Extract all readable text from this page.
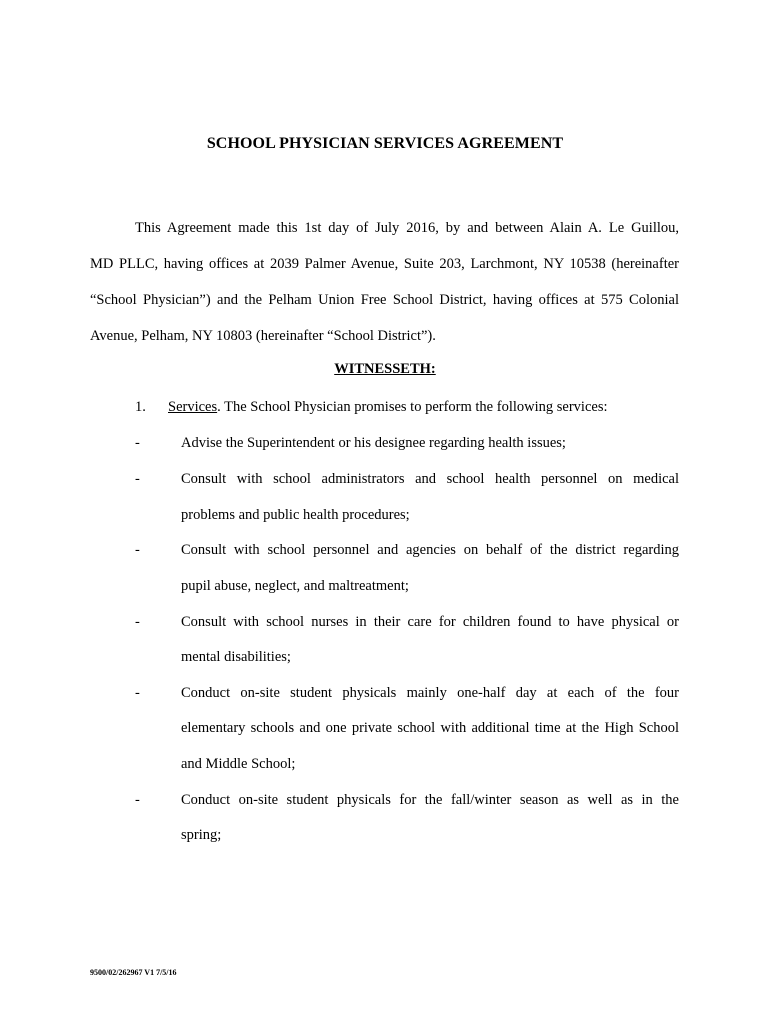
SCHOOL PHYSICIAN SERVICES AGREEMENT
This Agreement made this 1st day of July 2016, by and between Alain A. Le Guillou,
MD PLLC, having offices at 2039 Palmer Avenue, Suite 203, Larchmont, NY 10538 (hereinafter
“School Physician”) and the Pelham Union Free School District, having offices at 575 Colonial
Avenue, Pelham, NY 10803 (hereinafter “School District”).
WITNESSETH:
1. Services. The School Physician promises to perform the following services:
-	Advise the Superintendent or his designee regarding health issues;
-	Consult with school administrators and school health personnel on medical
problems and public health procedures;
-	Consult with school personnel and agencies on behalf of the district regarding
pupil abuse, neglect, and maltreatment;
-	Consult with school nurses in their care for children found to have physical or
mental disabilities;
-	Conduct on-site student physicals mainly one-half day at each of the four
elementary schools and one private school with additional time at the High School
and Middle School;
-	Conduct on-site student physicals for the fall/winter season as well as in the
spring;
9500/02/262967 V1 7/5/16
